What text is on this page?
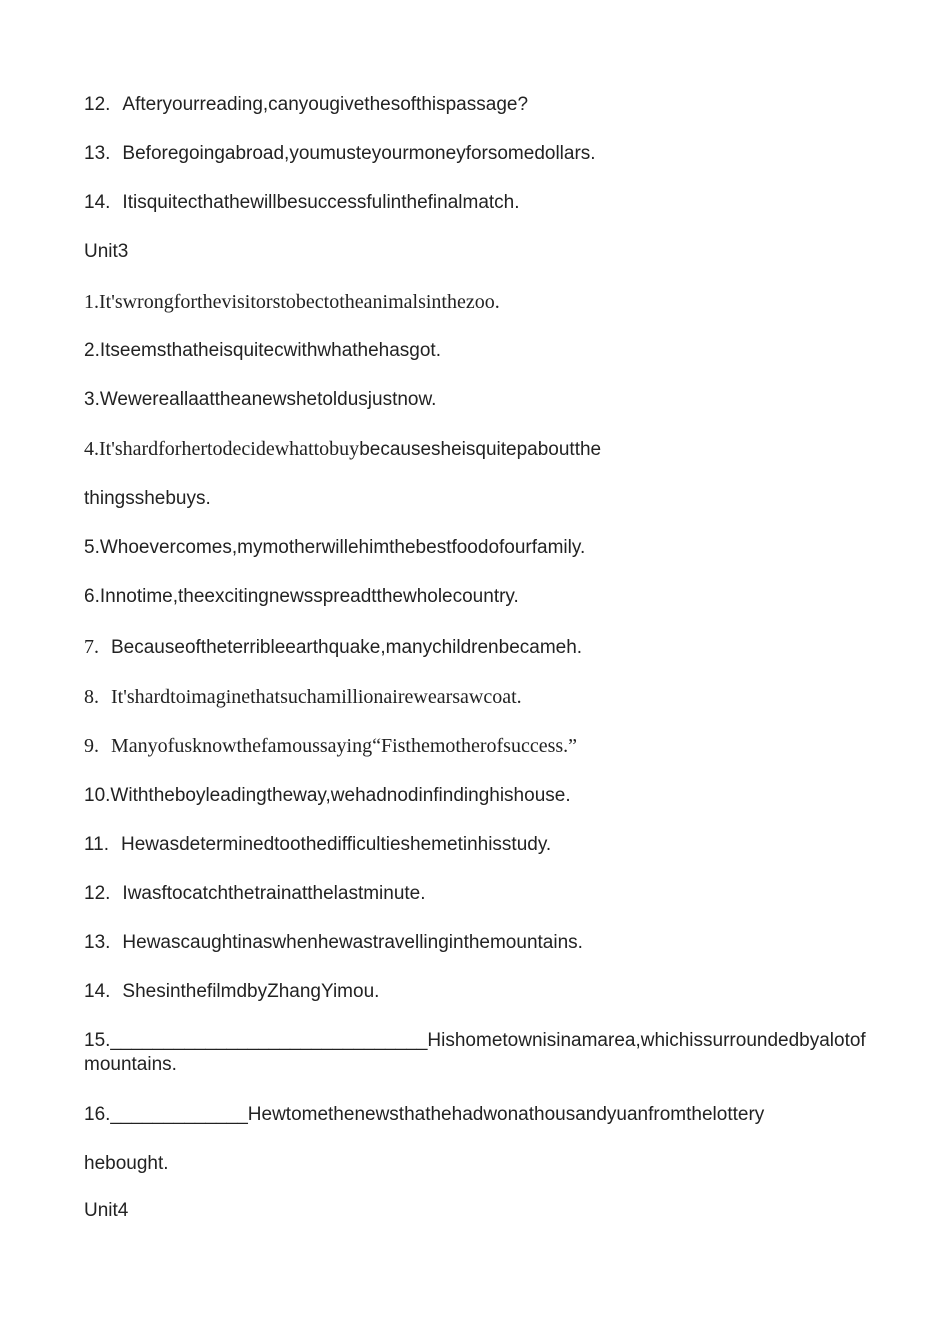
12. Afteryourreading,canyougivethesofthispassage?
13. Beforegoingabroad,youmusteyourmoneyforsomedollars.
14. Itisquitecthathewillbesuccessfulinthefinalmatch.
Unit3
1.It'swrongforthevisitorstobectotheanimalsinthezoo.
2.Itseemsthatheisquitecwithwhathehasgot.
3.Wewereallaattheanewshetoldusjustnow.
4.It'shardforhertodecidewhattobuybecausesheisquitepaboutthe
thingsshebuys.
5.Whoevercomes,mymotherwillehimthebestfoodofourfamily.
6.Innotime,theexcitingnewsspreadtthewholecountry.
7. Becauseoftheterribleearthquake,manychildrenbecameh.
8. It'shardtoimaginethatsuchamillionairewearsawcoat.
9. Manyofusknowthefamoussaying“Fisthemotherofsuccess.”
10.Withtheboyleadingtheway,wehadnodinfindinghishouse.
11. Hewasdeterminedtoothedifficultieshemetinhisstudy.
12. Iwasftocatchthetrainatthelastminute.
13. Hewascaughtinaswhenhewastravellinginthemountains.
14. ShesinthefilmdbyZhangYimou.
15.______________________________Hishometownisinamarea,whichissurroundedbyalotofmountains.
16._____________Hewtomethenewsthathehadwonathousandyuanfromthelottery
hebought.
Unit4
